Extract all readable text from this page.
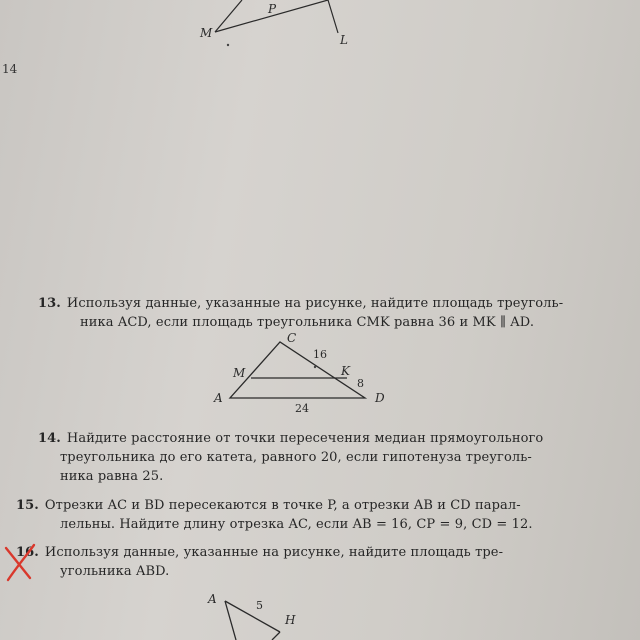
M
P
L
14
13. Используя данные, указанные на рисунке, найдите площадь треуголь-
ника ACD, если площадь треугольника CMK равна 36 и MK ∥ AD.
C
M	K
A	D
16
8
24
14. Найдите расстояние от точки пересечения медиан прямоугольного
треугольника до его катета, равного 20, если гипотенуза треуголь-
ника равна 25.
15. Отрезки AC и BD пересекаются в точке P, а отрезки AB и CD парал-
лельны. Найдите длину отрезка AC, если AB = 16, CP = 9, CD = 12.
16. Используя данные, указанные на рисунке, найдите площадь тре-
угольника ABD.
A
H
5
